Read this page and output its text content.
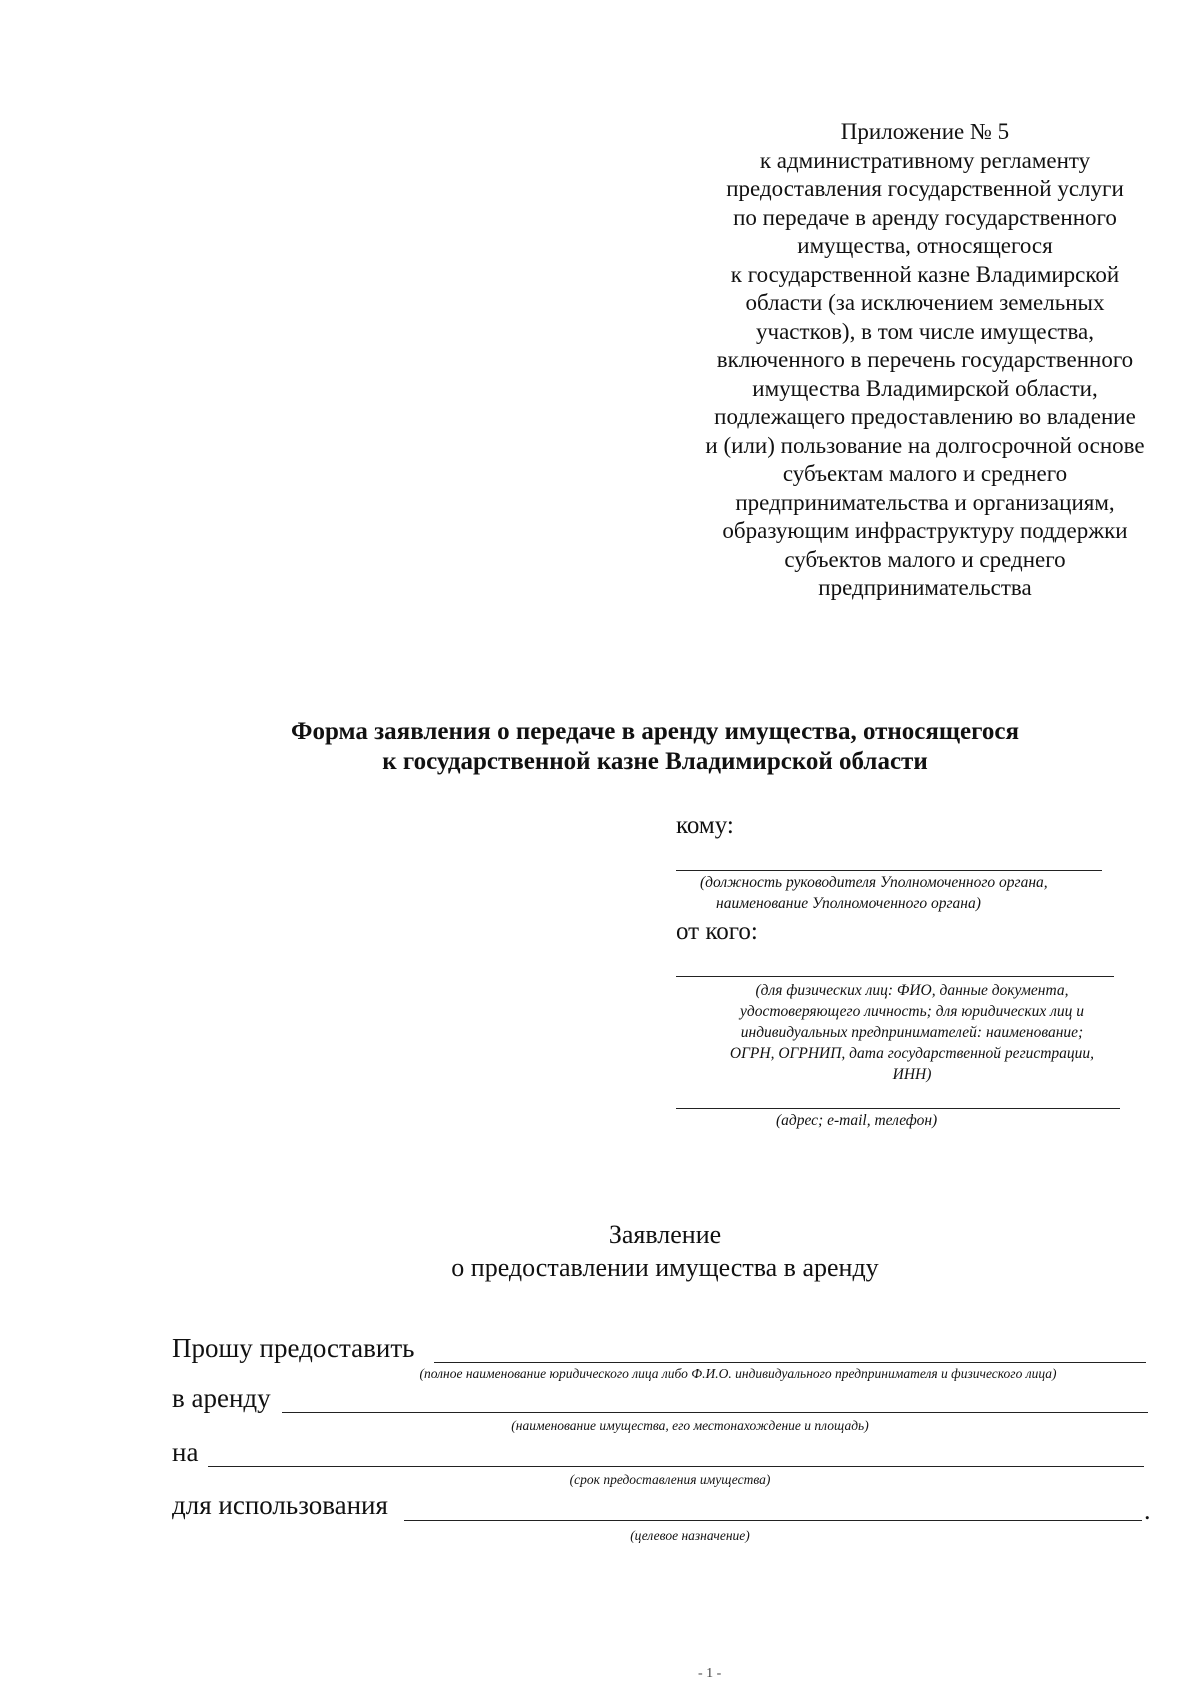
Приложение № 5
к административному регламенту
предоставления государственной услуги
по передаче в аренду государственного
имущества, относящегося
к государственной казне Владимирской
области (за исключением земельных
участков), в том числе имущества,
включенного в перечень государственного
имущества Владимирской области,
подлежащего предоставлению во владение
и (или) пользование на долгосрочной основе
субъектам малого и среднего
предпринимательства и организациям,
образующим инфраструктуру поддержки
субъектов малого и среднего
предпринимательства
Форма заявления о передаче в аренду имущества, относящегося
к государственной казне Владимирской области
кому:
(должность руководителя Уполномоченного органа,
наименование Уполномоченного органа)
от кого:
(для физических лиц: ФИО, данные документа,
удостоверяющего личность; для юридических лиц и
индивидуальных предпринимателей: наименование;
ОГРН, ОГРНИП, дата государственной регистрации,
ИНН)
(адрес; e-mail, телефон)
Заявление
о предоставлении имущества в аренду
Прошу предоставить
(полное наименование юридического лица либо Ф.И.О. индивидуального предпринимателя и физического лица)
в аренду
(наименование имущества, его местонахождение и площадь)
на
(срок предоставления имущества)
для использования	.
(целевое назначение)
- 1 -
